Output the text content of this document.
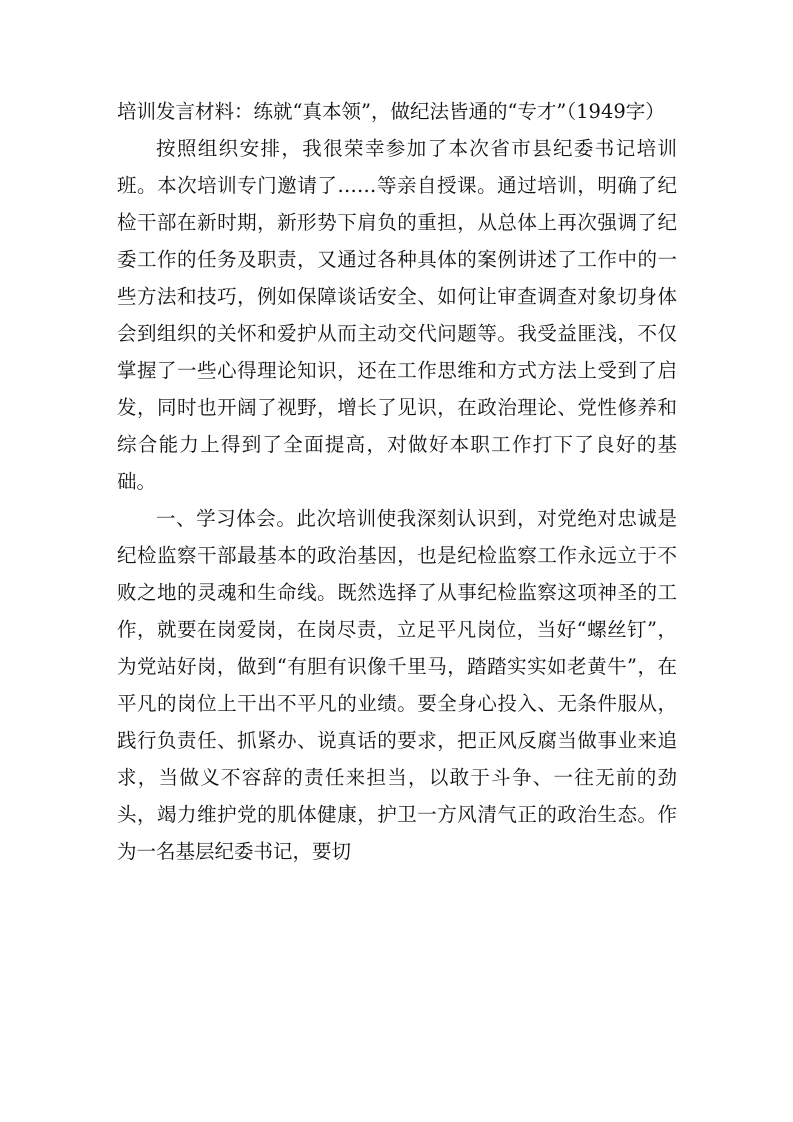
培训发言材料：练就“真本领”，做纪法皆通的“专才”（1949字）

按照组织安排，我很荣幸参加了本次省市县纪委书记培训班。本次培训专门邀请了……等亲自授课。通过培训，明确了纪检干部在新时期，新形势下肩负的重担，从总体上再次强调了纪委工作的任务及职责，又通过各种具体的案例讲述了工作中的一些方法和技巧，例如保障谈话安全、如何让审查调查对象切身体会到组织的关怀和爱护从而主动交代问题等。我受益匪浅，不仅掌握了一些心得理论知识，还在工作思维和方式方法上受到了启发，同时也开阔了视野，增长了见识，在政治理论、党性修养和综合能力上得到了全面提高，对做好本职工作打下了良好的基础。

一、学习体会。此次培训使我深刻认识到，对党绝对忠诚是纪检监察干部最基本的政治基因，也是纪检监察工作永远立于不败之地的灵魂和生命线。既然选择了从事纪检监察这项神圣的工作，就要在岗爱岗，在岗尽责，立足平凡岗位，当好“螺丝钉”，为党站好岗，做到“有胆有识像千里马，踏踏实实如老黄牛”，在平凡的岗位上干出不平凡的业绩。要全身心投入、无条件服从，践行负责任、抓紧办、说真话的要求，把正风反腐当做事业来追求，当做义不容辞的责任来担当，以敢于斗争、一往无前的劲头，竭力维护党的肌体健康，护卫一方风清气正的政治生态。作为一名基层纪委书记，要切
